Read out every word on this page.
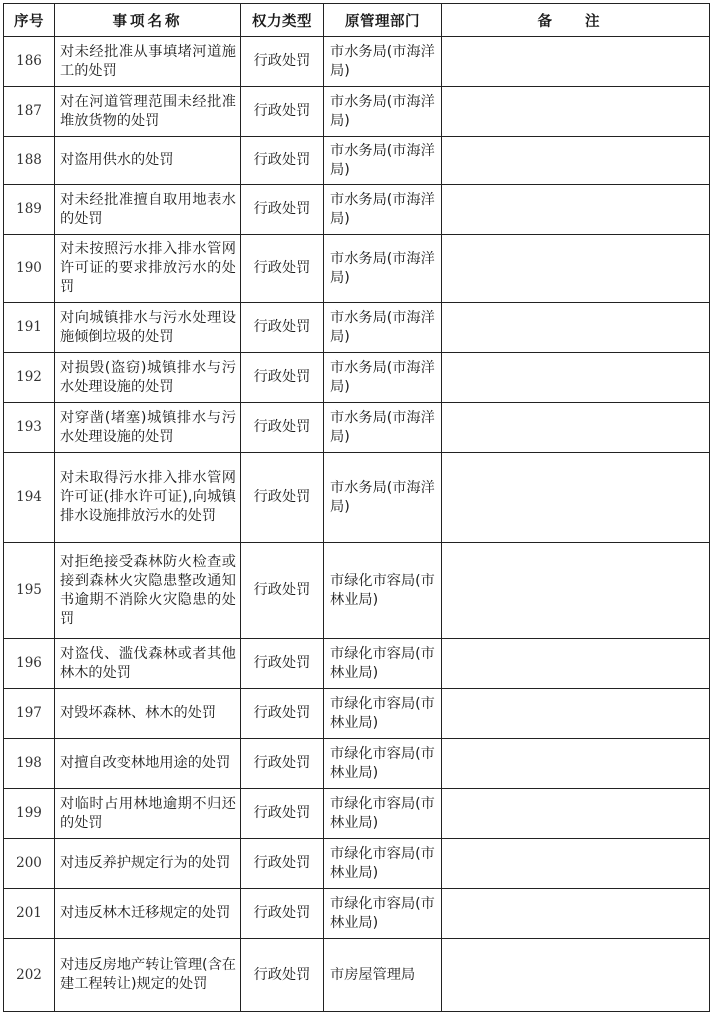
序号	事项名称	权力类型	原管理部门	备 注
186	对未经批准从事填堵河道施工的处罚	行政处罚	市水务局(市海洋局)	
187	对在河道管理范围未经批准堆放货物的处罚	行政处罚	市水务局(市海洋局)	
188	对盗用供水的处罚	行政处罚	市水务局(市海洋局)	
189	对未经批准擅自取用地表水的处罚	行政处罚	市水务局(市海洋局)	
190	对未按照污水排入排水管网许可证的要求排放污水的处罚	行政处罚	市水务局(市海洋局)	
191	对向城镇排水与污水处理设施倾倒垃圾的处罚	行政处罚	市水务局(市海洋局)	
192	对损毁(盗窃)城镇排水与污水处理设施的处罚	行政处罚	市水务局(市海洋局)	
193	对穿凿(堵塞)城镇排水与污水处理设施的处罚	行政处罚	市水务局(市海洋局)	
194	对未取得污水排入排水管网许可证(排水许可证),向城镇排水设施排放污水的处罚	行政处罚	市水务局(市海洋局)	
195	对拒绝接受森林防火检查或接到森林火灾隐患整改通知书逾期不消除火灾隐患的处罚	行政处罚	市绿化市容局(市林业局)	
196	对盗伐、滥伐森林或者其他林木的处罚	行政处罚	市绿化市容局(市林业局)	
197	对毁坏森林、林木的处罚	行政处罚	市绿化市容局(市林业局)	
198	对擅自改变林地用途的处罚	行政处罚	市绿化市容局(市林业局)	
199	对临时占用林地逾期不归还的处罚	行政处罚	市绿化市容局(市林业局)	
200	对违反养护规定行为的处罚	行政处罚	市绿化市容局(市林业局)	
201	对违反林木迁移规定的处罚	行政处罚	市绿化市容局(市林业局)	
202	对违反房地产转让管理(含在建工程转让)规定的处罚	行政处罚	市房屋管理局	
